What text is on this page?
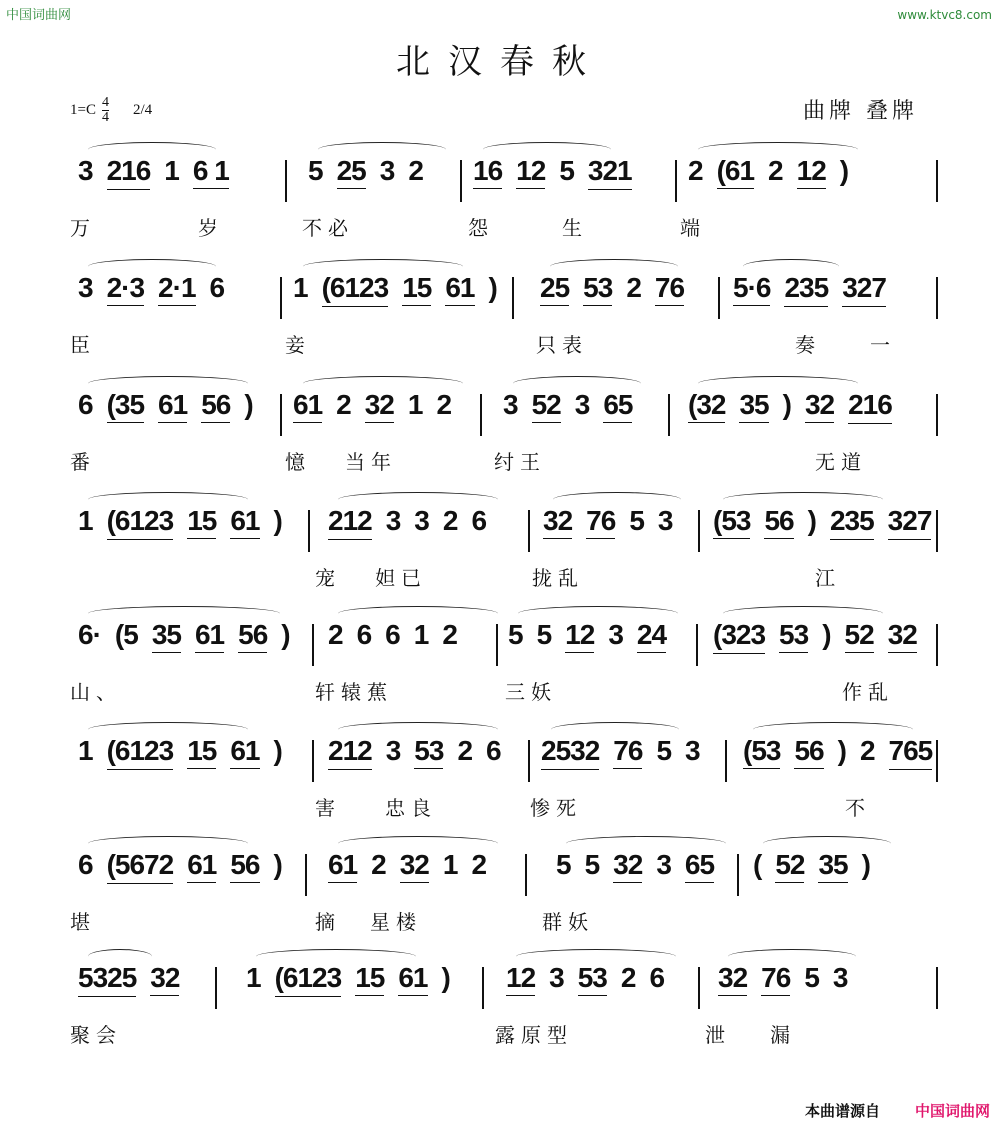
中国词曲网	www.ktvc8.com
北汉春秋
$1=C \frac{4}{4} 2/4$	曲牌 叠牌
3 216 1 6 1	5 25 3 2 16 12 5 321 2 (61 2 12 )
万	岁	不必	怨	生	端
3 2·3 2·1 6 1 (6123 15 61 ) 25 53 2 76 5·6 235 327
臣	妾	只表	奏 一
6 (35 61 56 ) 61 2 32 1 2 3 52 3 65 (32 35 ) 32 216
番	憶 当年	纣王	无道
1 (6123 15 61 ) 212 3 3 2 6 32 76 5 3 (53 56 ) 235 327
宠 妲已	拢乱	江
6· (5 35 61 56 ) 2 6 6 1 2 5 5 12 3 24 (323 53 ) 52 32
山、	轩辕蕉	三妖	作乱
1 (6123 15 61 ) 212 3 53 2 6 2532 76 5 3 (53 56 ) 2 765
害 忠良	惨死	不
6 (5672 61 56 ) 61 2 32 1 2 5 5 32 3 65 ( 52 35 )
堪	摘 星楼	群妖
5325 32 1 (6123 15 61 ) 12 3 53 2 6 32 76 5 3
聚会	露原型	泄 漏
本曲谱源自 中国词曲网
